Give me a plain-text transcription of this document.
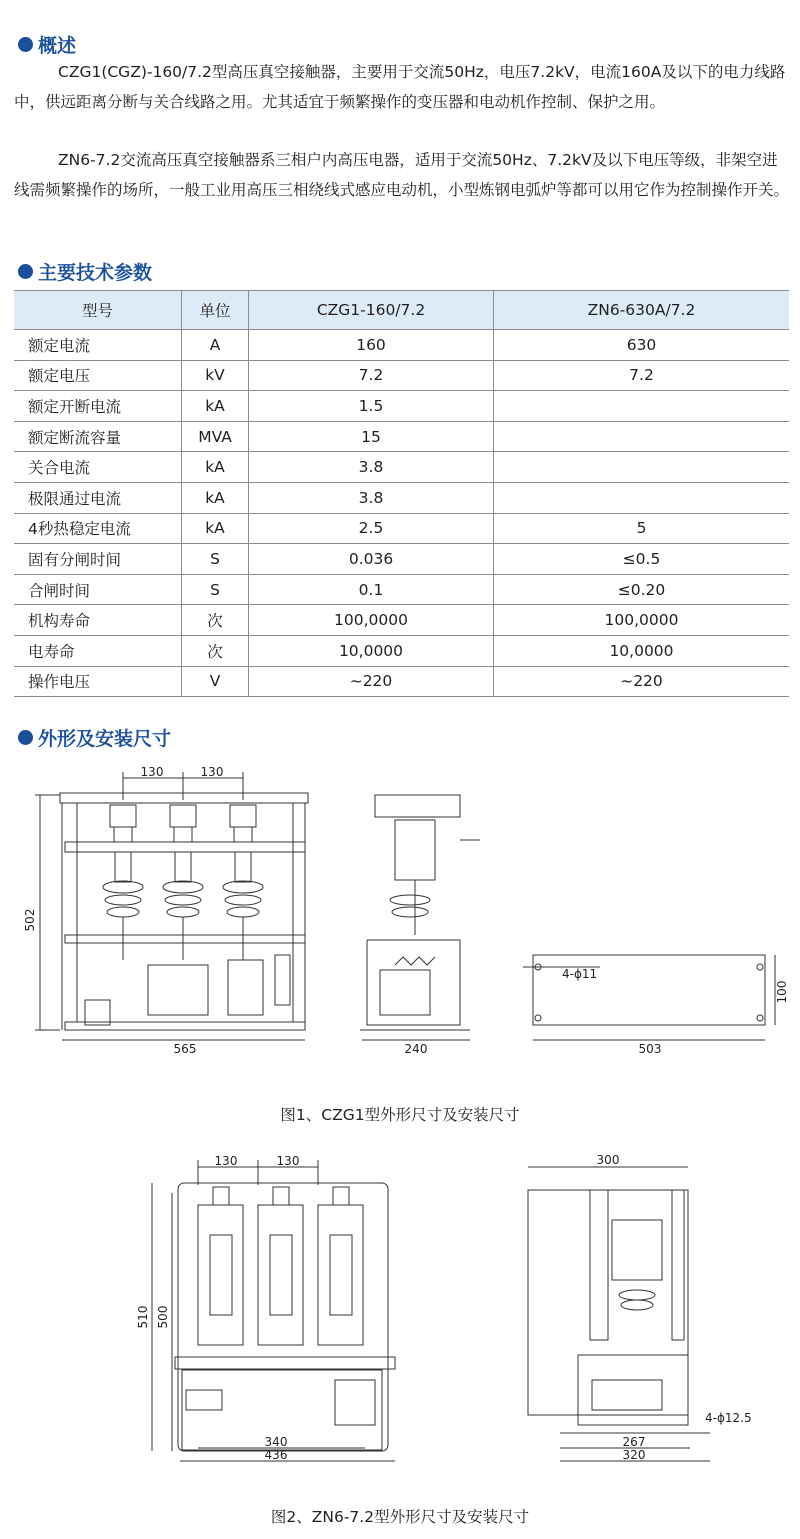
概述

CZG1(CGZ)-160/7.2型高压真空接触器，主要用于交流50Hz，电压7.2kV，电流160A及以下的电力线路中，供远距离分断与关合线路之用。尤其适宜于频繁操作的变压器和电动机作控制、保护之用。

ZN6-7.2交流高压真空接触器系三相户内高压电器，适用于交流50Hz、7.2kV及以下电压等级，非架空进线需频繁操作的场所，一般工业用高压三相绕线式感应电动机，小型炼钢电弧炉等都可以用它作为控制操作开关。

主要技术参数
型号	单位	CZG1-160/7.2	ZN6-630A/7.2
额定电流	A	160	630
额定电压	kV	7.2	7.2
额定开断电流	kA	1.5	
额定断流容量	MVA	15	
关合电流	kA	3.8	
极限通过电流	kA	3.8	
4秒热稳定电流	kA	2.5	5
固有分闸时间	S	0.036	≤0.5
合闸时间	S	0.1	≤0.20
机构寿命	次	100,0000	100,0000
电寿命	次	10,0000	10,0000
操作电压	V	~220	~220
外形及安装尺寸
130	130
502
565	240
4-ϕ11
100
503
图1、CZG1型外形尺寸及安装尺寸
130	130
510 500
340
436
300
4-ϕ12.5
267
320
图2、ZN6-7.2型外形尺寸及安装尺寸
